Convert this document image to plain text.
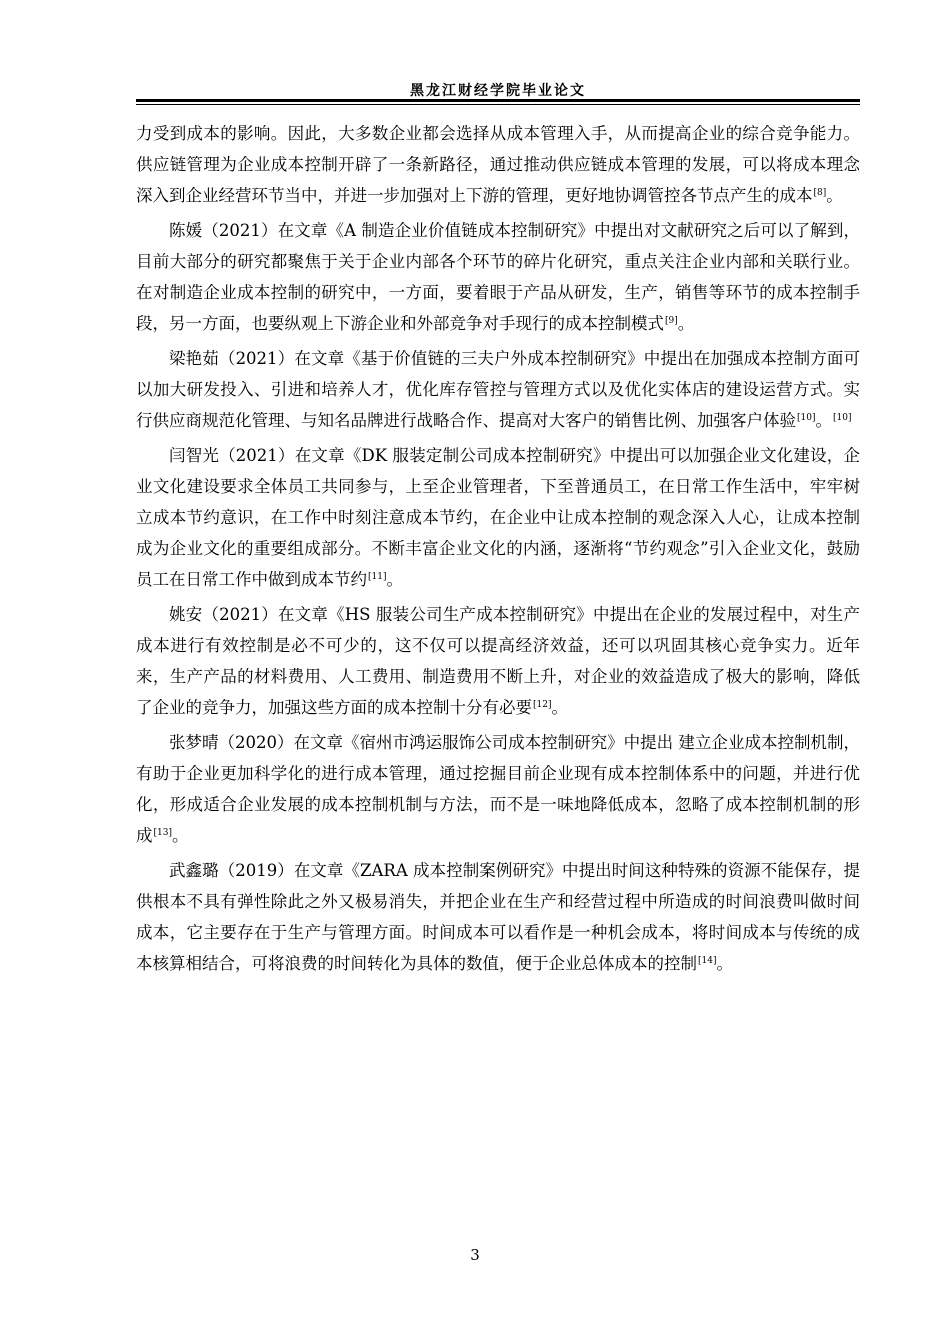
黑龙江财经学院毕业论文

力受到成本的影响。因此，大多数企业都会选择从成本管理入手，从而提高企业的综合竞争能力。供应链管理为企业成本控制开辟了一条新路径，通过推动供应链成本管理的发展，可以将成本理念深入到企业经营环节当中，并进一步加强对上下游的管理，更好地协调管控各节点产生的成本[8]。

陈媛（2021）在文章《A 制造企业价值链成本控制研究》中提出对文献研究之后可以了解到，目前大部分的研究都聚焦于关于企业内部各个环节的碎片化研究，重点关注企业内部和关联行业。在对制造企业成本控制的研究中，一方面，要着眼于产品从研发，生产，销售等环节的成本控制手段，另一方面，也要纵观上下游企业和外部竞争对手现行的成本控制模式[9]。

梁艳茹（2021）在文章《基于价值链的三夫户外成本控制研究》中提出在加强成本控制方面可以加大研发投入、引进和培养人才，优化库存管控与管理方式以及优化实体店的建设运营方式。实行供应商规范化管理、与知名品牌进行战略合作、提高对大客户的销售比例、加强客户体验[10]。[10]

闫智光（2021）在文章《DK 服装定制公司成本控制研究》中提出可以加强企业文化建设，企业文化建设要求全体员工共同参与，上至企业管理者，下至普通员工，在日常工作生活中，牢牢树立成本节约意识，在工作中时刻注意成本节约，在企业中让成本控制的观念深入人心，让成本控制成为企业文化的重要组成部分。不断丰富企业文化的内涵，逐渐将“节约观念”引入企业文化，鼓励员工在日常工作中做到成本节约[11]。

姚安（2021）在文章《HS 服装公司生产成本控制研究》中提出在企业的发展过程中，对生产成本进行有效控制是必不可少的，这不仅可以提高经济效益，还可以巩固其核心竞争实力。近年来，生产产品的材料费用、人工费用、制造费用不断上升，对企业的效益造成了极大的影响，降低了企业的竞争力，加强这些方面的成本控制十分有必要[12]。

张梦晴（2020）在文章《宿州市鸿运服饰公司成本控制研究》中提出 建立企业成本控制机制，有助于企业更加科学化的进行成本管理，通过挖掘目前企业现有成本控制体系中的问题，并进行优化，形成适合企业发展的成本控制机制与方法，而不是一味地降低成本，忽略了成本控制机制的形成[13]。

武鑫璐（2019）在文章《ZARA 成本控制案例研究》中提出时间这种特殊的资源不能保存，提供根本不具有弹性除此之外又极易消失，并把企业在生产和经营过程中所造成的时间浪费叫做时间成本，它主要存在于生产与管理方面。时间成本可以看作是一种机会成本，将时间成本与传统的成本核算相结合，可将浪费的时间转化为具体的数值，便于企业总体成本的控制[14]。

3
